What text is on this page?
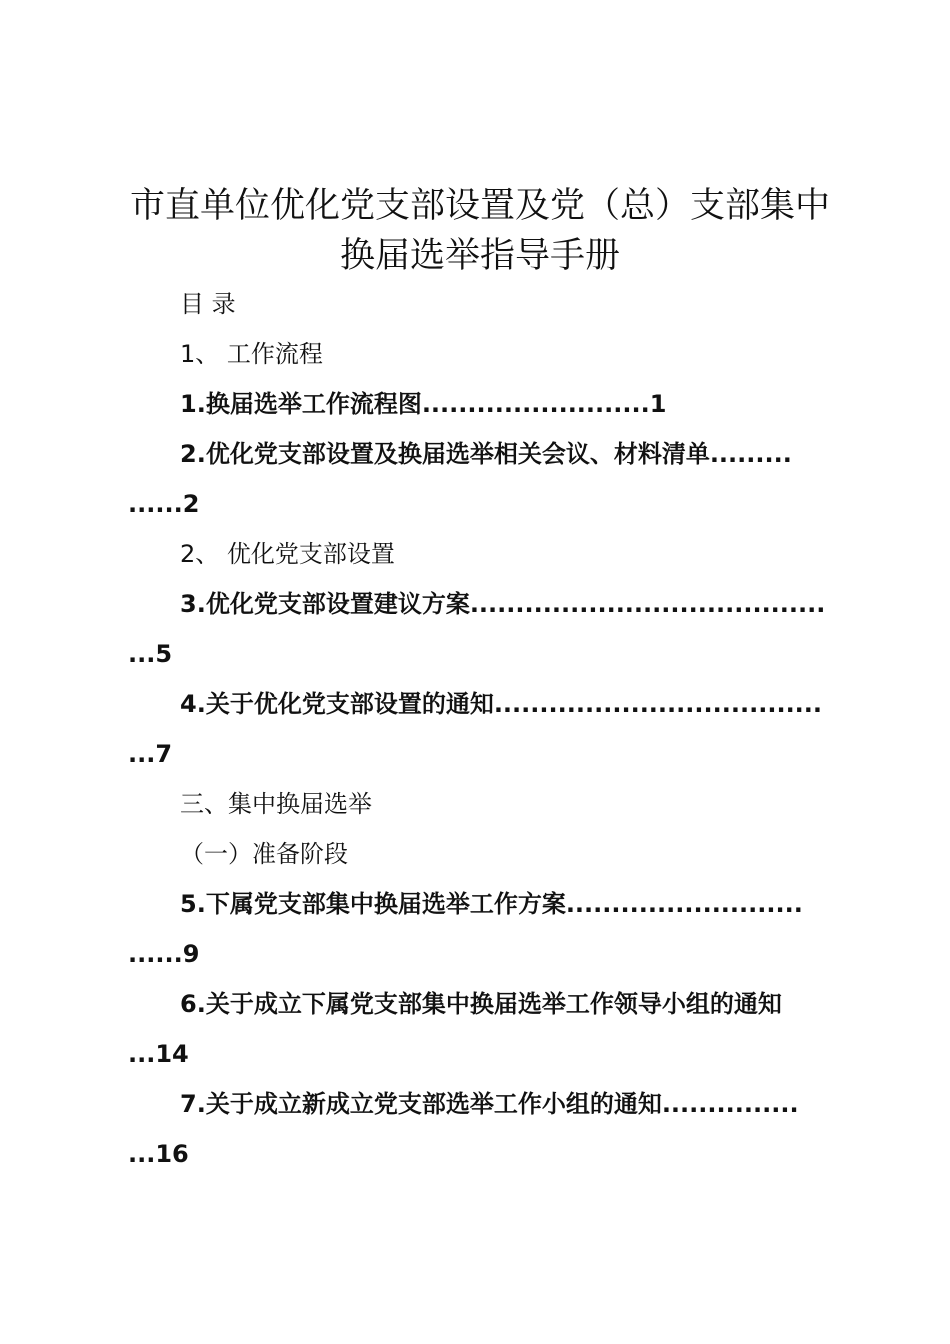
市直单位优化党支部设置及党（总）支部集中
换届选举指导手册
目 录
1、 工作流程
1.换届选举工作流程图.........................1
2.优化党支部设置及换届选举相关会议、材料清单.........
......2
2、 优化党支部设置
3.优化党支部设置建议方案.......................................
...5
4.关于优化党支部设置的通知....................................
...7
三、集中换届选举
（一）准备阶段
5.下属党支部集中换届选举工作方案..........................
......9
6.关于成立下属党支部集中换届选举工作领导小组的通知
...14
7.关于成立新成立党支部选举工作小组的通知...............
...16
